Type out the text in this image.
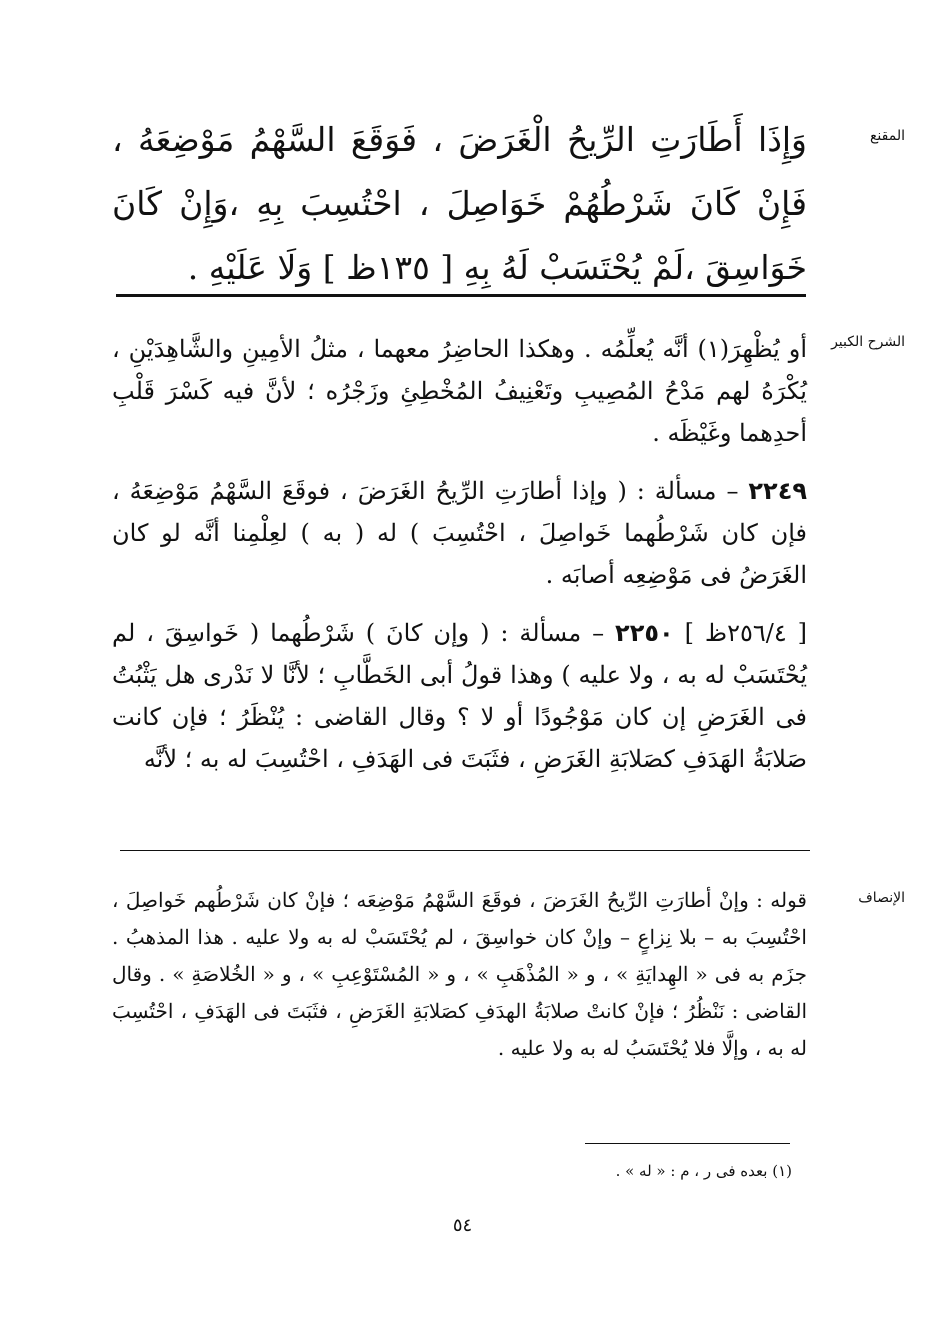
المقنع

وَإِذَا أَطَارَتِ الرِّيحُ الْغَرَضَ ، فَوَقَعَ السَّهْمُ مَوْضِعَهُ ، فَإِنْ كَانَ شَرْطُهُمْ خَوَاصِلَ ، احْتُسِبَ بِهِ ،وَإِنْ كَانَ خَوَاسِقَ ،لَمْ يُحْتَسَبْ لَهُ بِهِ [ ١٣٥ظ ] وَلَا عَلَيْهِ .

الشرح الكبير

أو يُظْهِرَ(١) أنَّه يُعلِّمُه . وهكذا الحاضِرُ معهما ، مثلُ الأمِينِ والشَّاهِدَيْنِ ، يُكْرَهُ لهم مَدْحُ المُصِيبِ وتَعْنِيفُ المُخْطِئِ وزَجْرُه ؛ لأنَّ فيه كَسْرَ قَلْبِ أحدِهما وغَيْظَه .

٢٢٤٩ – مسألة : ( وإذا أطارَتِ الرِّيحُ الغَرَضَ ، فوقَعَ السَّهْمُ مَوْضِعَهُ ، فإن كان شَرْطُهما خَواصِلَ ، احْتُسِبَ ) له ( به ) لعِلْمِنا أنَّه لو كان الغَرَضُ فى مَوْضِعِه أصابَه .

[ ٢٥٦/٤ظ ] ٢٢٥٠ – مسألة : ( وإن كانَ ) شَرْطُهما ( خَواسِقَ ، لم يُحْتَسَبْ له به ، ولا عليه ) وهذا قولُ أبى الخَطَّابِ ؛ لأنَّا لا نَدْرى هل يَثْبُتُ فى الغَرَضِ إن كان مَوْجُودًا أو لا ؟ وقال القاضى : يُنْظَرُ ؛ فإن كانت صَلابَةُ الهَدَفِ كصَلابَةِ الغَرَضِ ، فثَبَتَ فى الهَدَفِ ، احْتُسِبَ له به ؛ لأنَّه

الإنصاف

قوله : وإنْ أطارَتِ الرِّيحُ الغَرَضَ ، فوقَعَ السَّهْمُ مَوْضِعَه ؛ فإنْ كان شَرْطُهم خَواصِلَ ، احْتُسِبَ به – بلا نِزاعٍ – وإنْ كان خواسِقَ ، لم يُحْتَسَبْ له به ولا عليه . هذا المذهبُ . جزَم به فى « الهِدايَةِ » ، و « المُذْهَبِ » ، و « المُسْتَوْعِبِ » ، و « الخُلاصَةِ » . وقال القاضى : نَنْظُرُ ؛ فإنْ كانتْ صلابَةُ الهدَفِ كصَلابَةِ الغَرَضِ ، فثَبَتَ فى الهَدَفِ ، احْتُسِبَ له به ، وإلَّا فلا يُحْتَسَبُ له به ولا عليه .

(١) بعده فى ر ، م : « له » .
٥٤
